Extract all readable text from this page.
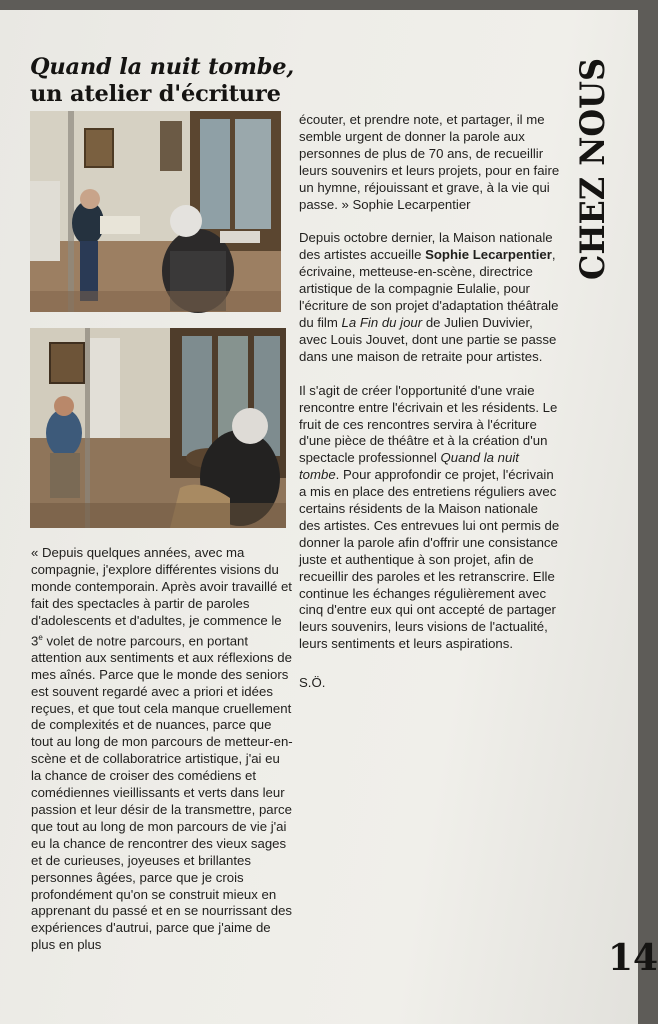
Quand la nuit tombe,
un atelier d'écriture

« Depuis quelques années, avec ma compagnie, j'explore différentes visions du monde contemporain. Après avoir travaillé et fait des spectacles à partir de paroles d'adolescents et d'adultes, je commence le 3e volet de notre parcours, en portant attention aux sentiments et aux réflexions de mes aînés. Parce que le monde des seniors est souvent regardé avec a priori et idées reçues, et que tout cela manque cruellement de complexités et de nuances, parce que tout au long de mon parcours de metteur-en-scène et de collaboratrice artistique, j'ai eu la chance de croiser des comédiens et comédiennes vieillissants et verts dans leur passion et leur désir de la transmettre, parce que tout au long de mon parcours de vie j'ai eu la chance de rencontrer des vieux sages et de curieuses, joyeuses et brillantes personnes âgées, parce que je crois profondément qu'on se construit mieux en apprenant du passé et en se nourrissant des expériences d'autrui, parce que j'aime de plus en plus

écouter, et prendre note, et partager, il me semble urgent de donner la parole aux personnes de plus de 70 ans, de recueillir leurs souvenirs et leurs projets, pour en faire un hymne, réjouissant et grave, à la vie qui passe. » Sophie Lecarpentier

Depuis octobre dernier, la Maison nationale des artistes accueille Sophie Lecarpentier, écrivaine, metteuse-en-scène, directrice artistique de la compagnie Eulalie, pour l'écriture de son projet d'adaptation théâtrale du film La Fin du jour de Julien Duvivier, avec Louis Jouvet, dont une partie se passe dans une maison de retraite pour artistes.

Il s'agit de créer l'opportunité d'une vraie rencontre entre l'écrivain et les résidents. Le fruit de ces rencontres servira à l'écriture d'une pièce de théâtre et à la création d'un spectacle professionnel Quand la nuit tombe. Pour approfondir ce projet, l'écrivain a mis en place des entretiens réguliers avec certains résidents de la Maison nationale des artistes. Ces entrevues lui ont permis de donner la parole afin d'offrir une consistance juste et authentique à son projet, afin de recueillir des paroles et les retranscrire. Elle continue les échanges régulièrement avec cinq d'entre eux qui ont accepté de partager leurs souvenirs, leurs visions de l'actualité, leurs sentiments et leurs aspirations.

S.Ö.

CHEZ NOUS
14
